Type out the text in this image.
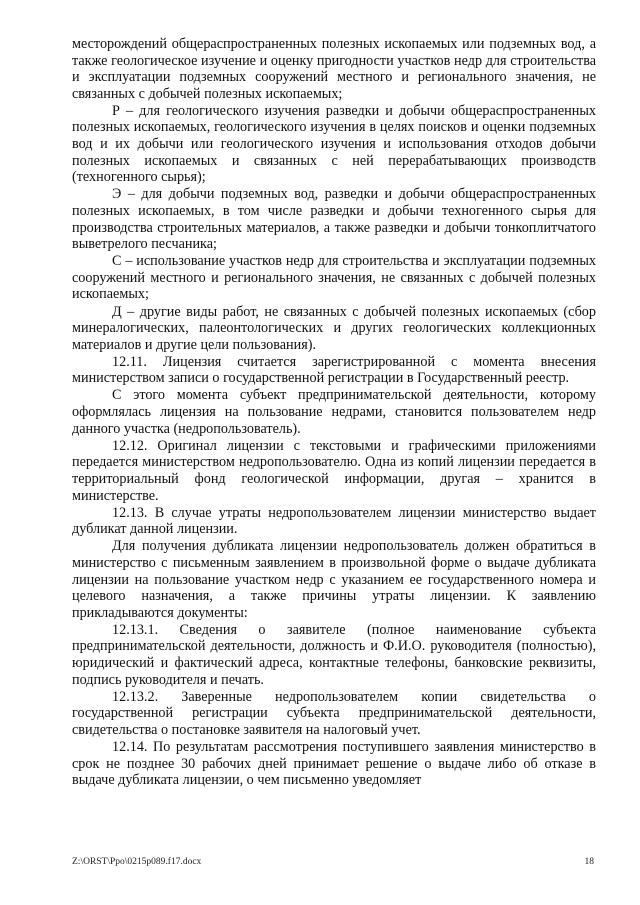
месторождений общераспространенных полезных ископаемых или подземных вод, а также геологическое изучение и оценку пригодности участков недр для строительства и эксплуатации подземных сооружений местного и регионального значения, не связанных с добычей полезных ископаемых;

Р – для геологического изучения разведки и добычи общераспространенных полезных ископаемых, геологического изучения в целях поисков и оценки подземных вод и их добычи или геологического изучения и использования отходов добычи полезных ископаемых и связанных с ней перерабатывающих производств (техногенного сырья);

Э – для добычи подземных вод, разведки и добычи общераспространенных полезных ископаемых, в том числе разведки и добычи техногенного сырья для производства строительных материалов, а также разведки и добычи тонкоплитчатого выветрелого песчаника;

С – использование участков недр для строительства и эксплуатации подземных сооружений местного и регионального значения, не связанных с добычей полезных ископаемых;

Д – другие виды работ, не связанных с добычей полезных ископаемых (сбор минералогических, палеонтологических и других геологических коллекционных материалов и другие цели пользования).

12.11. Лицензия считается зарегистрированной с момента внесения министерством записи о государственной регистрации в Государственный реестр.

С этого момента субъект предпринимательской деятельности, которому оформлялась лицензия на пользование недрами, становится пользователем недр данного участка (недропользователь).

12.12. Оригинал лицензии с текстовыми и графическими приложениями передается министерством недропользователю. Одна из копий лицензии передается в территориальный фонд геологической информации, другая – хранится в министерстве.

12.13. В случае утраты недропользователем лицензии министерство выдает дубликат данной лицензии.

Для получения дубликата лицензии недропользователь должен обратиться в министерство с письменным заявлением в произвольной форме о выдаче дубликата лицензии на пользование участком недр с указанием ее государственного номера и целевого назначения, а также причины утраты лицензии. К заявлению прикладываются документы:

12.13.1. Сведения о заявителе (полное наименование субъекта предпринимательской деятельности, должность и Ф.И.О. руководителя (полностью), юридический и фактический адреса, контактные телефоны, банковские реквизиты, подпись руководителя и печать.

12.13.2. Заверенные недропользователем копии свидетельства о государственной регистрации субъекта предпринимательской деятельности, свидетельства о постановке заявителя на налоговый учет.

12.14. По результатам рассмотрения поступившего заявления министерство в срок не позднее 30 рабочих дней принимает решение о выдаче либо об отказе в выдаче дубликата лицензии, о чем письменно уведомляет

Z:\ORST\Ppo\0215p089.f17.docx	18
